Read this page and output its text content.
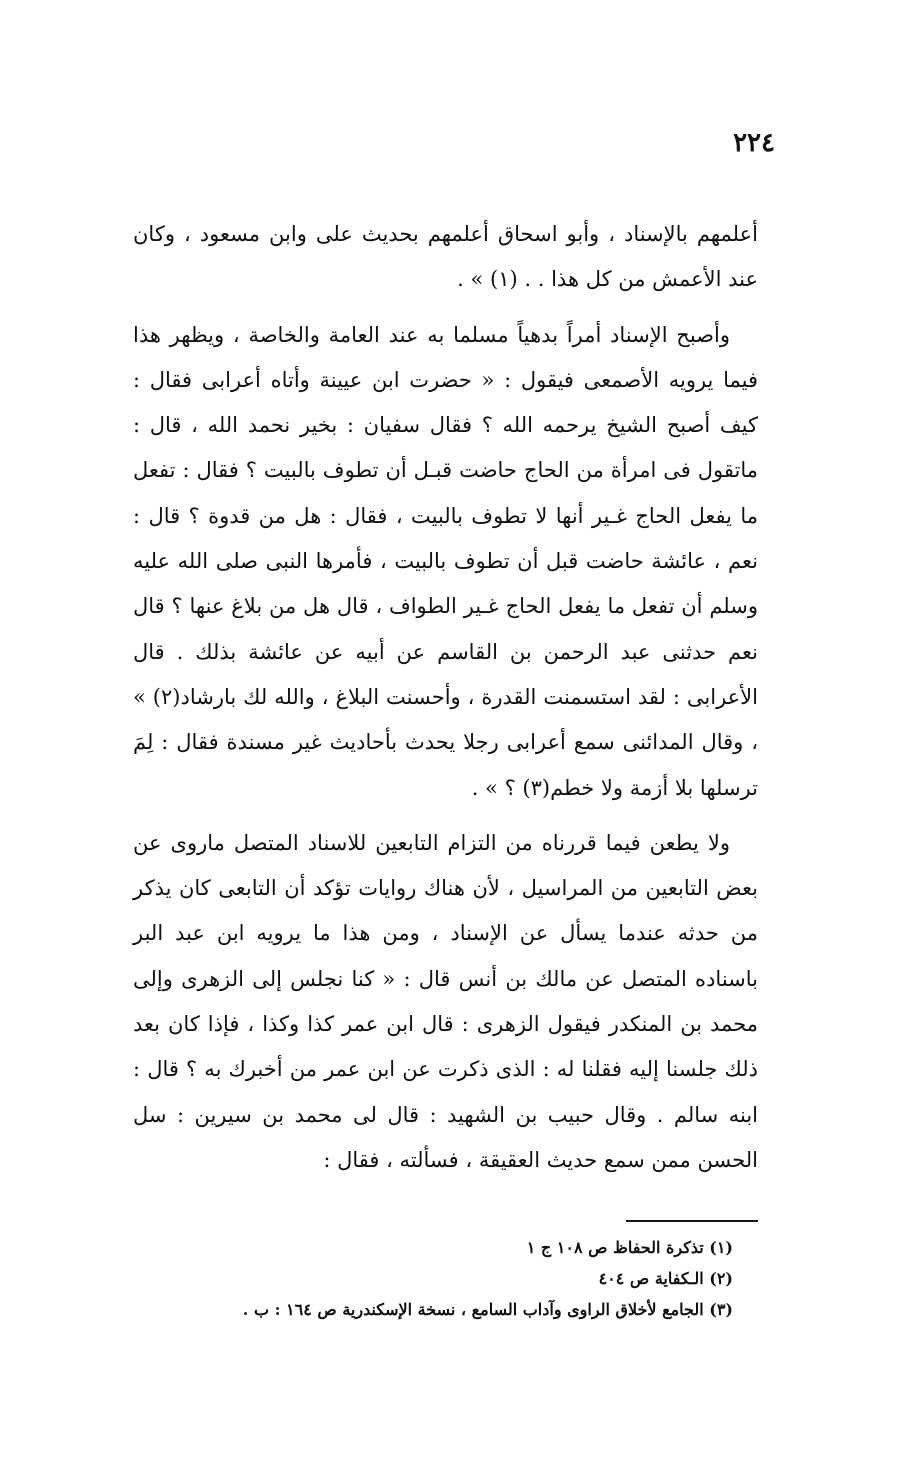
٢٢٤

أعلمهم بالإسناد ، وأبو اسحاق أعلمهم بحديث على وابن مسعود ، وكان عند الأعمش من كل هذا . . (١) » .

وأصبح الإسناد أمراً بدهياً مسلما به عند العامة والخاصة ، ويظهر هذا فيما يرويه الأصمعى فيقول : « حضرت ابن عيينة وأتاه أعرابى فقال : كيف أصبح الشيخ يرحمه الله ؟ فقال سفيان : بخير نحمد الله ، قال : ماتقول فى امرأة من الحاج حاضت قبـل أن تطوف بالبيت ؟ فقال : تفعل ما يفعل الحاج غـير أنها لا تطوف بالبيت ، فقال : هل من قدوة ؟ قال : نعم ، عائشة حاضت قبل أن تطوف بالبيت ، فأمرها النبى صلى الله عليه وسلم أن تفعل ما يفعل الحاج غـير الطواف ، قال هل من بلاغ عنها ؟ قال نعم حدثنى عبد الرحمن بن القاسم عن أبيه عن عائشة بذلك . قال الأعرابى : لقد استسمنت القدرة ، وأحسنت البلاغ ، والله لك بارشاد(٢) » ، وقال المدائنى سمع أعرابى رجلا يحدث بأحاديث غير مسندة فقال : لِمَ ترسلها بلا أزمة ولا خطم(٣) ؟ » .

ولا يطعن فيما قررناه من التزام التابعين للاسناد المتصل ماروى عن بعض التابعين من المراسيل ، لأن هناك روايات تؤكد أن التابعى كان يذكر من حدثه عندما يسأل عن الإسناد ، ومن هذا ما يرويه ابن عبد البر باسناده المتصل عن مالك بن أنس قال : « كنا نجلس إلى الزهرى وإلى محمد بن المنكدر فيقول الزهرى : قال ابن عمر كذا وكذا ، فإذا كان بعد ذلك جلسنا إليه فقلنا له : الذى ذكرت عن ابن عمر من أخبرك به ؟ قال : ابنه سالم . وقال حبيب بن الشهيد : قال لى محمد بن سيرين : سل الحسن ممن سمع حديث العقيقة ، فسألته ، فقال :

(١) تذكرة الحفاظ ص ١٠٨ ج ١
(٢) الـكفاية ص ٤٠٤
(٣) الجامع لأخلاق الراوى وآداب السامع ، نسخة الإسكندرية ص ١٦٤ : ب .
